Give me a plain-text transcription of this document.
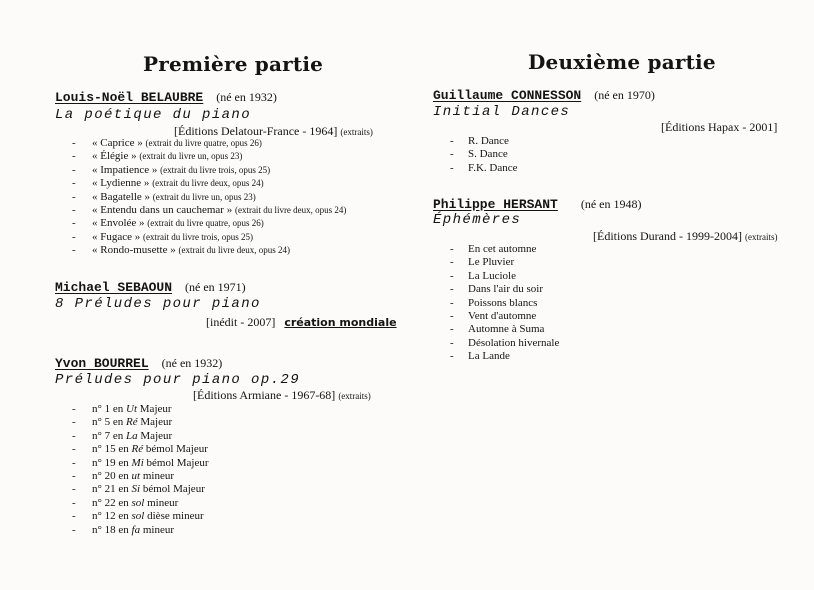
Première partie
Louis-Noël BELAUBRE (né en 1932)
La poétique du piano
[Éditions Delatour-France - 1964] (extraits)
- « Caprice » (extrait du livre quatre, opus 26)
- « Élégie » (extrait du livre un, opus 23)
- « Impatience » (extrait du livre trois, opus 25)
- « Lydienne » (extrait du livre deux, opus 24)
- « Bagatelle » (extrait du livre un, opus 23)
- « Entendu dans un cauchemar » (extrait du livre deux, opus 24)
- « Envolée » (extrait du livre quatre, opus 26)
- « Fugace » (extrait du livre trois, opus 25)
- « Rondo-musette » (extrait du livre deux, opus 24)
Michael SEBAOUN (né en 1971)
8 Préludes pour piano
[inédit - 2007] création mondiale
Yvon BOURREL (né en 1932)
Préludes pour piano op.29
[Éditions Armiane - 1967-68] (extraits)
- n° 1 en Ut Majeur
- n° 5 en Ré Majeur
- n° 7 en La Majeur
- n° 15 en Ré bémol Majeur
- n° 19 en Mi bémol Majeur
- n° 20 en ut mineur
- n° 21 en Si bémol Majeur
- n° 22 en sol mineur
- n° 12 en sol dièse mineur
- n° 18 en fa mineur
Deuxième partie
Guillaume CONNESSON (né en 1970)
Initial Dances
[Éditions Hapax - 2001]
- R. Dance
- S. Dance
- F.K. Dance
Philippe HERSANT (né en 1948)
Éphémères
[Éditions Durand - 1999-2004] (extraits)
- En cet automne
- Le Pluvier
- La Luciole
- Dans l'air du soir
- Poissons blancs
- Vent d'automne
- Automne à Suma
- Désolation hivernale
- La Lande
